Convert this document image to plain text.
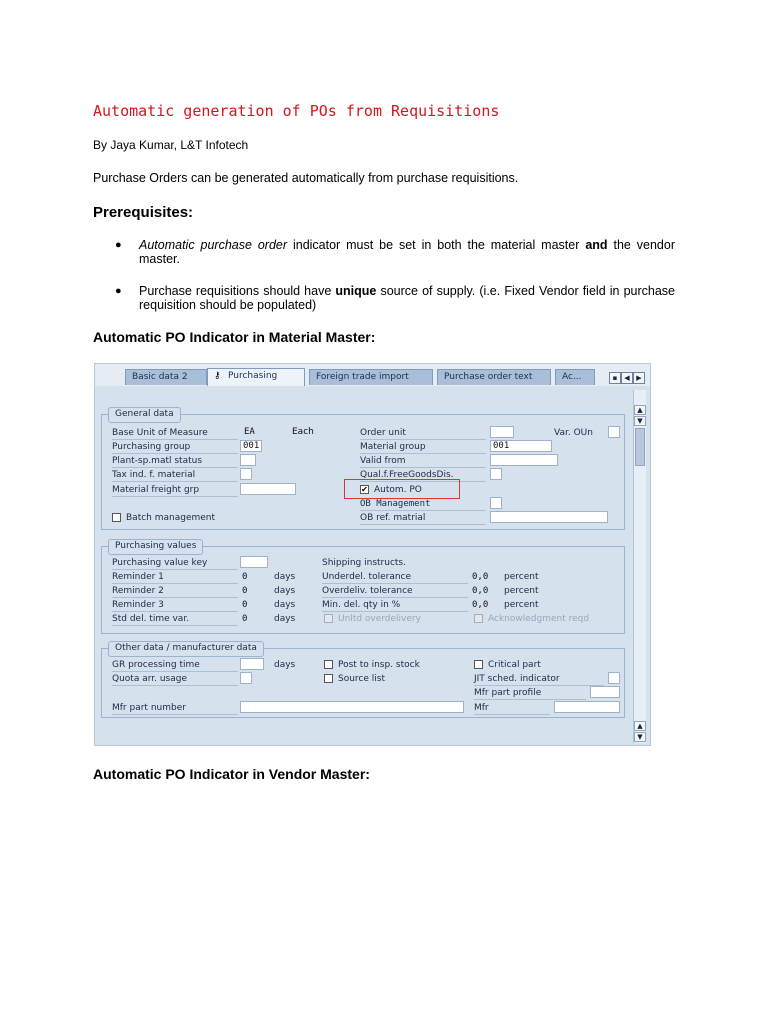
Automatic generation of POs from Requisitions
By Jaya Kumar, L&T Infotech
Purchase Orders can be generated automatically from purchase requisitions.
Prerequisites:
● Automatic purchase order indicator must be set in both the material master and the vendor master.
● Purchase requisitions should have unique source of supply. (i.e. Fixed Vendor field in purchase requisition should be populated)
Automatic PO Indicator in Material Master:
Basic data 2	⚷ Purchasing	Foreign trade import	Purchase order text	Ac...	▪ ◀ ▶
▲
▼
▲
▼
General data
Base Unit of Measure	EA	Each	Order unit	Var. OUn
Purchasing group	001	Material group	001
Plant-sp.matl status	Valid from
Tax ind. f. material	Qual.f.FreeGoodsDis.
Material freight grp	✔ Autom. PO
OB Management
Batch management	OB ref. matrial
Purchasing values
Purchasing value key	Shipping instructs.
Reminder 1	0	days	Underdel. tolerance	0,0 percent
Reminder 2	0	days	Overdeliv. tolerance	0,0 percent
Reminder 3	0	days	Min. del. qty in %	0,0 percent
Std del. time var.	0	days	Unltd overdelivery	Acknowledgment reqd
Other data / manufacturer data
GR processing time	days	Post to insp. stock	Critical part
Quota arr. usage	Source list	JIT sched. indicator
Mfr part profile
Mfr part number	Mfr
Automatic PO Indicator in Vendor Master:
